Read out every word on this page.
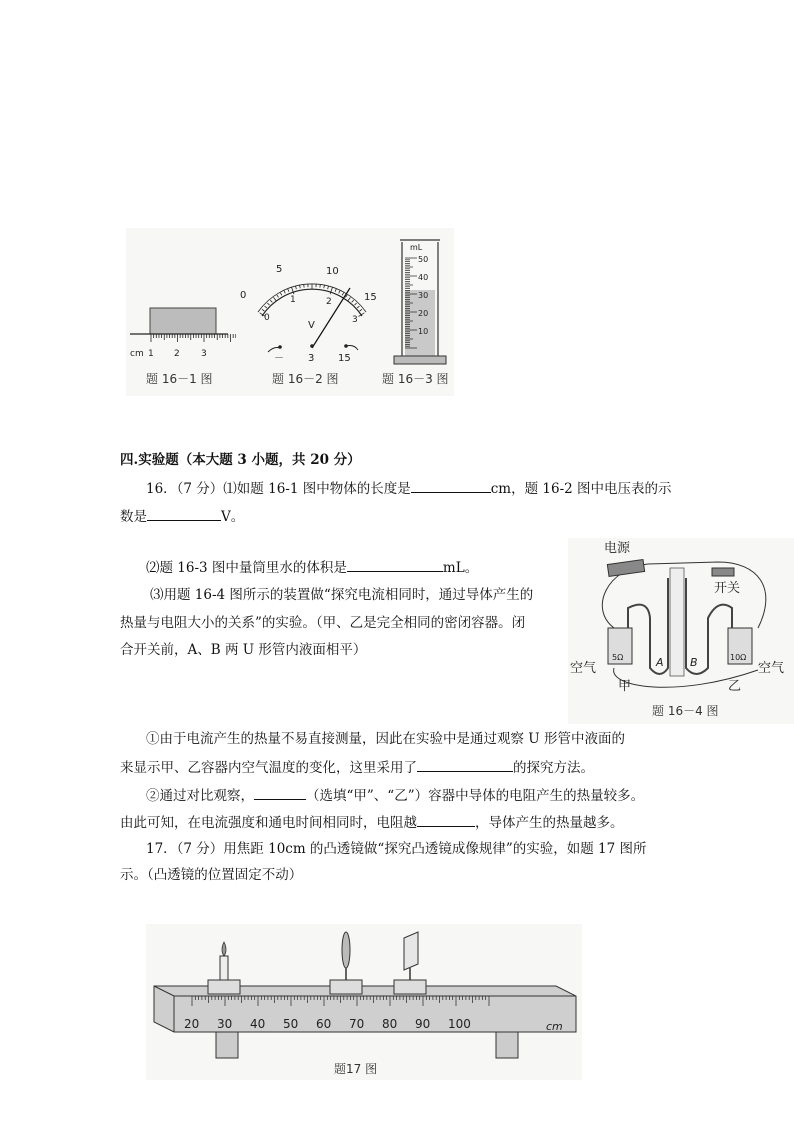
cm 1 2 3
题 16－1 图
0
5	10
15
0
1	2
3
V
－ 3 15
题 16－2 图
mL
50
40
30
20
10
题 16－3 图
四.实验题（本大题 3 小题，共 20 分）
16．（7 分）⑴如题 16-1 图中物体的长度是	cm，题 16-2 图中电压表的示
数是	V。
⑵题 16-3 图中量筒里水的体积是	mL。
⑶用题 16-4 图所示的装置做“探究电流相同时，通过导体产生的
热量与电阻大小的关系”的实验。（甲、乙是完全相同的密闭容器。闭
合开关前，A、B 两 U 形管内液面相平）
电源
开关
空气	空气
甲	乙
5Ω	10Ω
A B
题 16－4 图
①由于电流产生的热量不易直接测量，因此在实验中是通过观察 U 形管中液面的
来显示甲、乙容器内空气温度的变化，这里采用了	的探究方法。
②通过对比观察，	（选填“甲”、“乙”）容器中导体的电阻产生的热量较多。
由此可知，在电流强度和通电时间相同时，电阻越	，导体产生的热量越多。
17．（7 分）用焦距 10cm 的凸透镜做“探究凸透镜成像规律”的实验，如题 17 图所
示。（凸透镜的位置固定不动）
20 30 40 50 60 70 80 90 100	cm
题17 图
